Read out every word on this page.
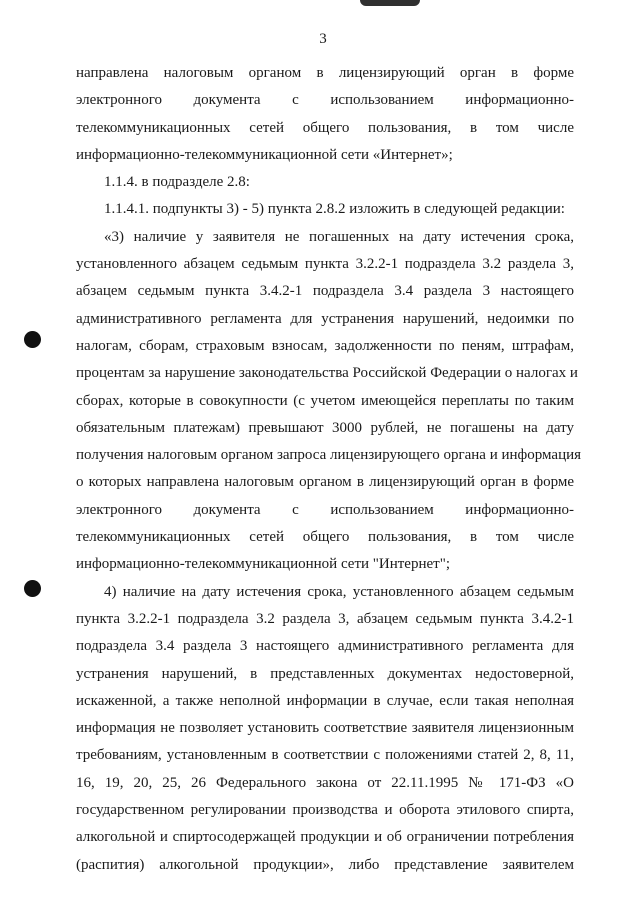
3
направлена налоговым органом в лицензирующий орган в форме
электронного документа с использованием информационно-
телекоммуникационных сетей общего пользования, в том числе
информационно-телекоммуникационной сети «Интернет»;
1.1.4. в подразделе 2.8:
1.1.4.1. подпункты 3) - 5) пункта 2.8.2 изложить в следующей редакции:
«3) наличие у заявителя не погашенных на дату истечения срока,
установленного абзацем седьмым пункта 3.2.2-1 подраздела 3.2 раздела 3,
абзацем седьмым пункта 3.4.2-1 подраздела 3.4 раздела 3 настоящего
административного регламента для устранения нарушений, недоимки по
налогам, сборам, страховым взносам, задолженности по пеням, штрафам,
процентам за нарушение законодательства Российской Федерации о налогах и
сборах, которые в совокупности (с учетом имеющейся переплаты по таким
обязательным платежам) превышают 3000 рублей, не погашены на дату
получения налоговым органом запроса лицензирующего органа и информация
о которых направлена налоговым органом в лицензирующий орган в форме
электронного документа с использованием информационно-
телекоммуникационных сетей общего пользования, в том числе
информационно-телекоммуникационной сети "Интернет";
4) наличие на дату истечения срока, установленного абзацем седьмым
пункта 3.2.2-1 подраздела 3.2 раздела 3, абзацем седьмым пункта 3.4.2-1
подраздела 3.4 раздела 3 настоящего административного регламента для
устранения нарушений, в представленных документах недостоверной,
искаженной, а также неполной информации в случае, если такая неполная
информация не позволяет установить соответствие заявителя лицензионным
требованиям, установленным в соответствии с положениями статей 2, 8, 11,
16, 19, 20, 25, 26 Федерального закона от 22.11.1995 № 171-ФЗ «О
государственном регулировании производства и оборота этилового спирта,
алкогольной и спиртосодержащей продукции и об ограничении потребления
(распития) алкогольной продукции», либо представление заявителем
